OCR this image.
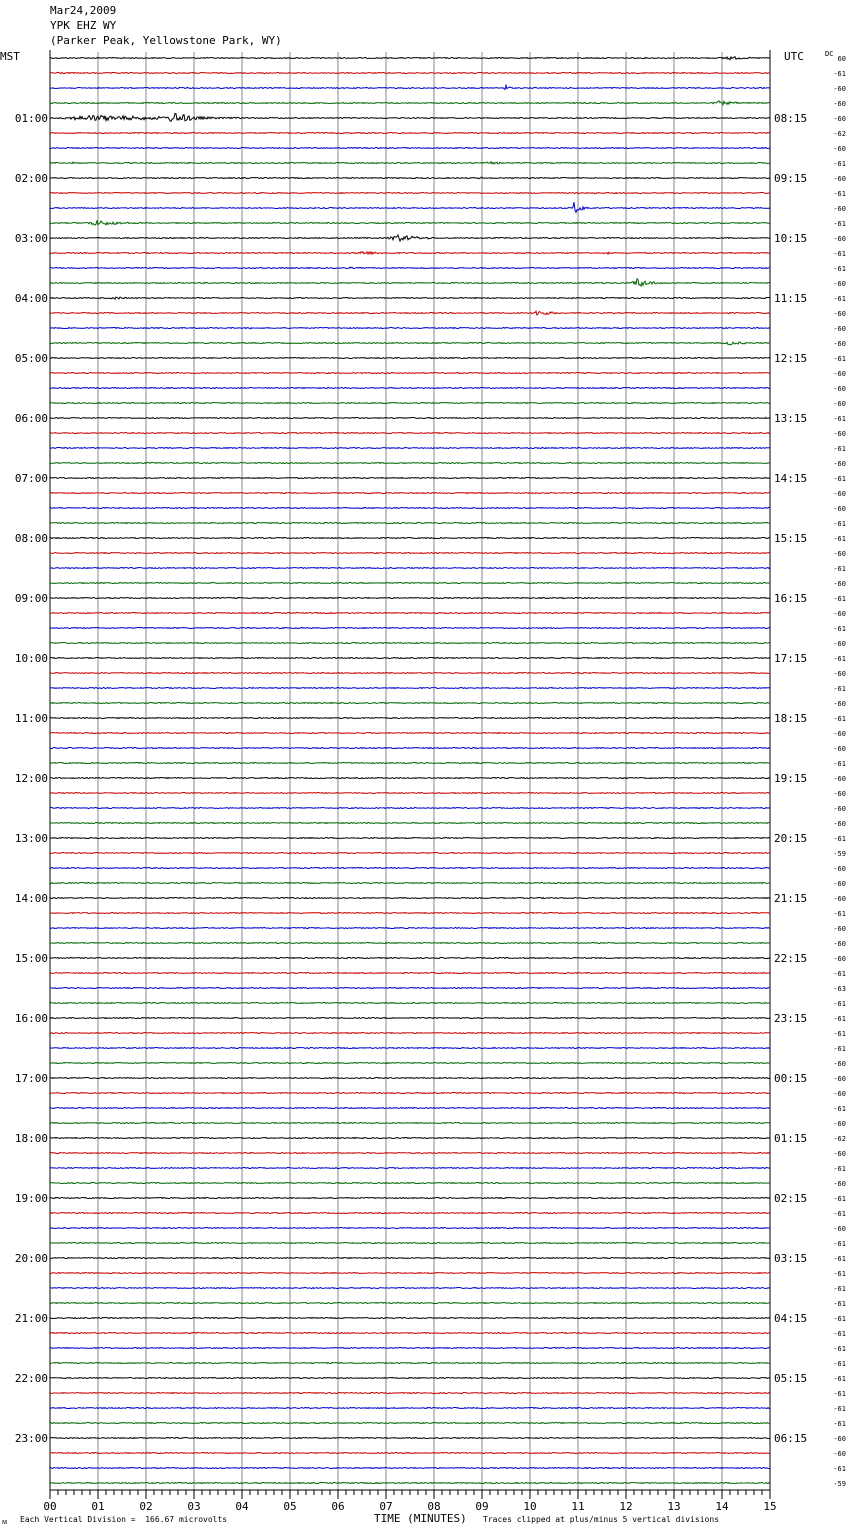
Mar24,2009
YPK EHZ WY
(Parker Peak, Yellowstone Park, WY)
MST	UTC	DC
01:00	08:15
02:00	09:15
03:00	10:15
04:00	11:15
05:00	12:15
06:00	13:15
07:00	14:15
08:00	15:15
09:00	16:15
10:00	17:15
11:00	18:15
12:00	19:15
13:00	20:15
14:00	21:15
15:00	22:15
16:00	23:15
17:00	00:15
18:00	01:15
19:00	02:15
20:00	03:15
21:00	04:15
22:00	05:15
23:00	06:15
60
-61
-60
-60
-60
-62
-60
-61
-60
-61
-60
-61
-60
-61
-61
-60
-61
-60
-60
-60
-61
-60
-60
-60
-61
-60
-61
-60
-61
-60
-60
-61
-61
-60
-61
-60
-61
-60
-61
-60
-61
-60
-61
-60
-61
-60
-60
-61
-60
-60
-60
-60
-61
-59
-60
-60
-60
-61
-60
-60
-60
-61
-63
-61
-61
-61
-61
-60
-60
-60
-61
-60
-62
-60
-61
-60
-61
-61
-60
-61
-61
-61
-61
-61
-61
-61
-61
-61
-61
-61
-61
-61
-60
-60
-61
-59
00	01	02	03	04	05	06	07	08	09	10	11	12	13	14	15
ᴍ Each Vertical Division =  166.67 microvolts	TIME (MINUTES) Traces clipped at plus/minus 5 vertical divisions
